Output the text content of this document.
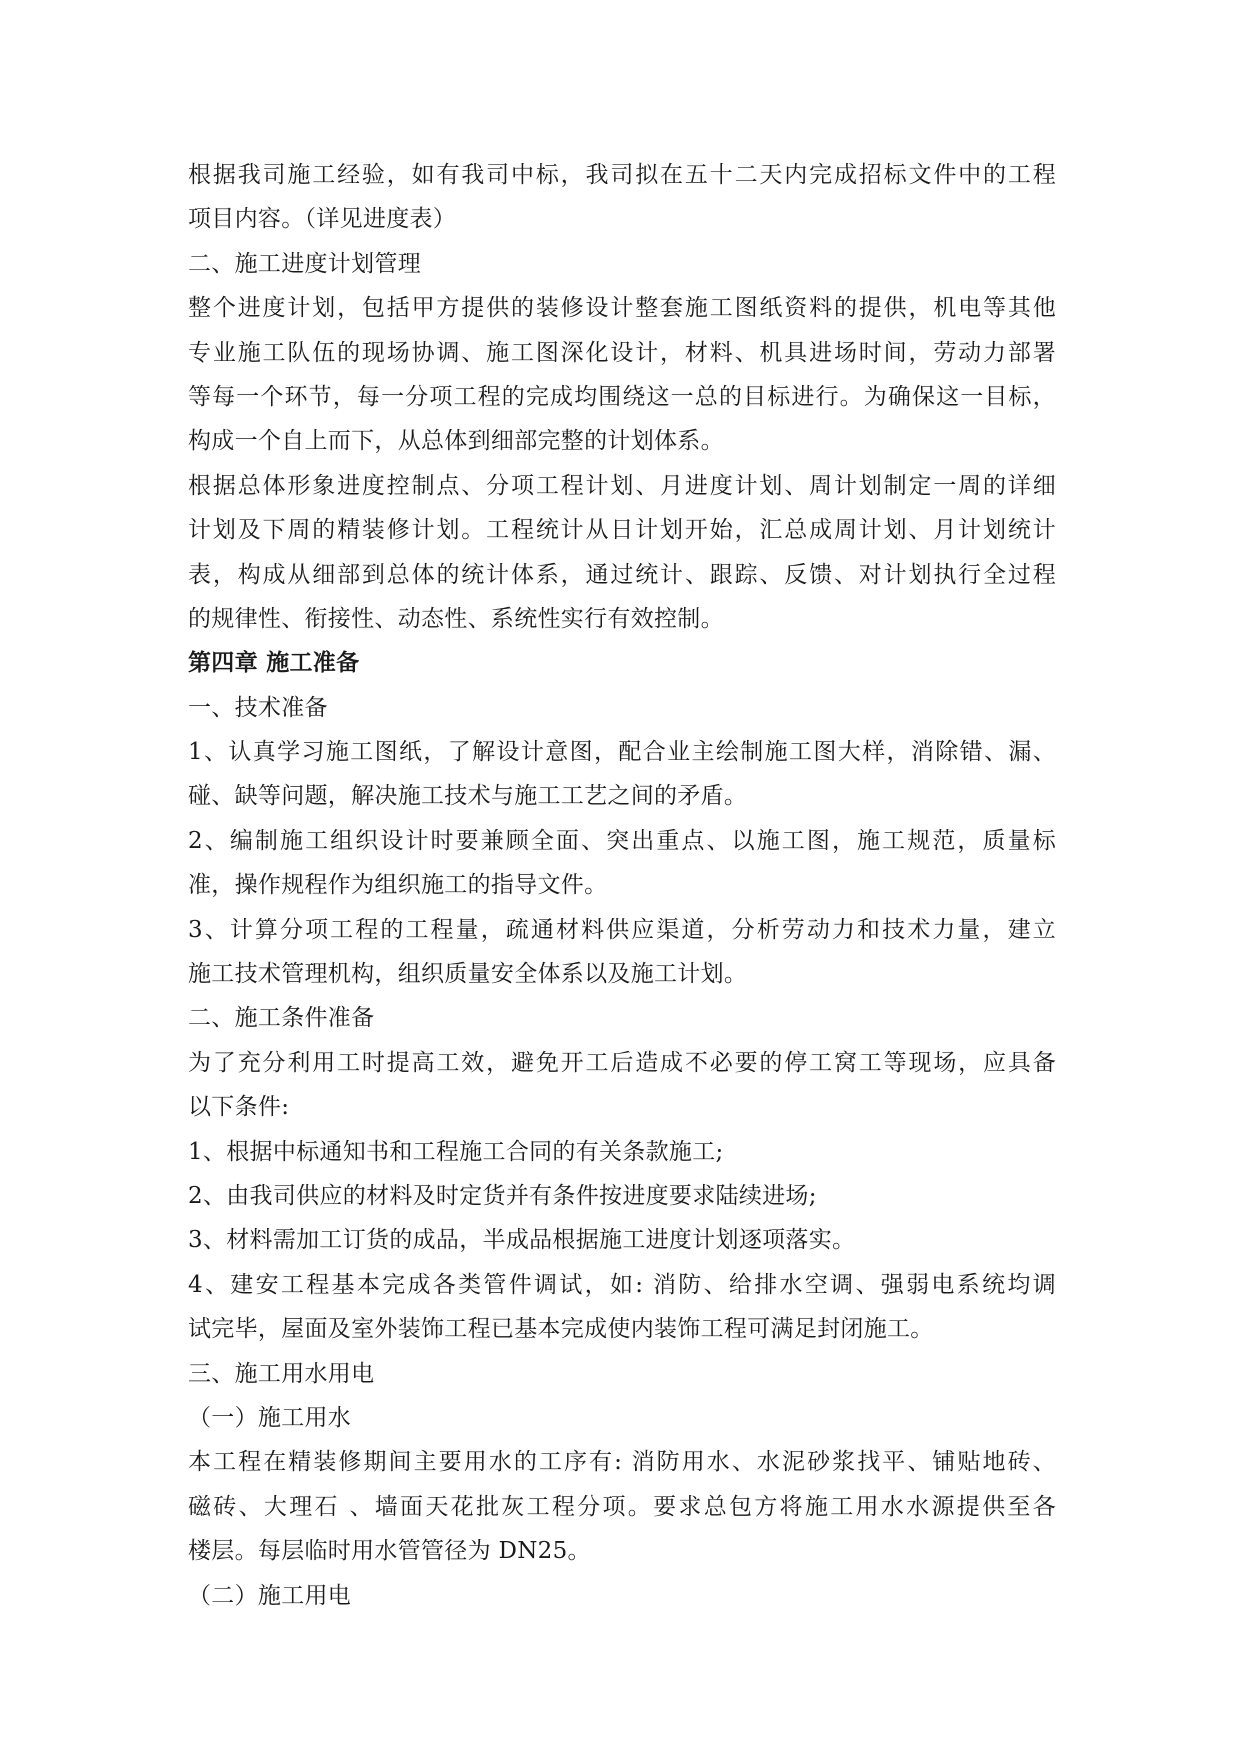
根据我司施工经验，如有我司中标，我司拟在五十二天内完成招标文件中的工程
项目内容。（详见进度表）
二、施工进度计划管理
整个进度计划，包括甲方提供的装修设计整套施工图纸资料的提供，机电等其他
专业施工队伍的现场协调、施工图深化设计，材料、机具进场时间，劳动力部署
等每一个环节，每一分项工程的完成均围绕这一总的目标进行。为确保这一目标，
构成一个自上而下，从总体到细部完整的计划体系。
根据总体形象进度控制点、分项工程计划、月进度计划、周计划制定一周的详细
计划及下周的精装修计划。工程统计从日计划开始，汇总成周计划、月计划统计
表，构成从细部到总体的统计体系，通过统计、跟踪、反馈、对计划执行全过程
的规律性、衔接性、动态性、系统性实行有效控制。
第四章 施工准备
一、技术准备
1、认真学习施工图纸，了解设计意图，配合业主绘制施工图大样，消除错、漏、
碰、缺等问题，解决施工技术与施工工艺之间的矛盾。
2、编制施工组织设计时要兼顾全面、突出重点、以施工图，施工规范，质量标
准，操作规程作为组织施工的指导文件。
3、计算分项工程的工程量，疏通材料供应渠道，分析劳动力和技术力量，建立
施工技术管理机构，组织质量安全体系以及施工计划。
二、施工条件准备
为了充分利用工时提高工效，避免开工后造成不必要的停工窝工等现场，应具备
以下条件:
1、根据中标通知书和工程施工合同的有关条款施工;
2、由我司供应的材料及时定货并有条件按进度要求陆续进场;
3、材料需加工订货的成品，半成品根据施工进度计划逐项落实。
4、建安工程基本完成各类管件调试，如: 消防、给排水空调、强弱电系统均调
试完毕，屋面及室外装饰工程已基本完成使内装饰工程可满足封闭施工。
三、施工用水用电
（一）施工用水
本工程在精装修期间主要用水的工序有: 消防用水、水泥砂浆找平、铺贴地砖、
磁砖、大理石 、墙面天花批灰工程分项。要求总包方将施工用水水源提供至各
楼层。每层临时用水管管径为 DN25。
（二）施工用电
